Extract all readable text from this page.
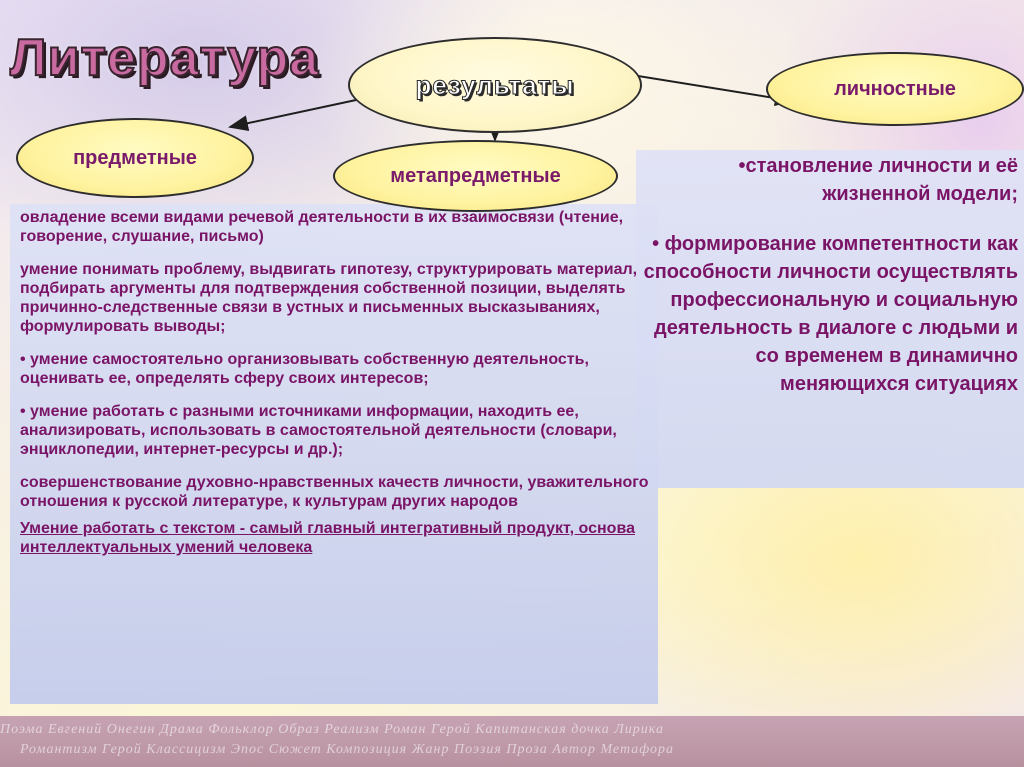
Поэма Евгений Онегин Драма Фольклор Образ Реализм Роман Герой Капитанская дочка Лирика
Романтизм Герой Классицизм Эпос Сюжет Композиция Жанр Поэзия Проза Автор Метафора
Литература	результаты	личностные
предметные
метапредметные

овладение всеми видами речевой деятельности в их взаимосвязи (чтение, говорение, слушание, письмо)

умение понимать проблему, выдвигать гипотезу, структурировать материал, подбирать аргументы для подтверждения собственной позиции, выделять причинно-следственные связи в устных и письменных высказываниях, формулировать выводы;

• умение самостоятельно организовывать собственную деятельность, оценивать ее, определять сферу своих интересов;

• умение работать с разными источниками информации, находить ее, анализировать, использовать в самостоятельной деятельности (словари, энциклопедии, интернет-ресурсы и др.);

совершенствование духовно-нравственных качеств личности, уважительного отношения к русской литературе, к культурам других народов

Умение работать с текстом - самый главный интегративный продукт, основа интеллектуальных умений человека

•становление личности и её жизненной модели;

• формирование компетентности как способности личности осуществлять профессиональную и социальную деятельность в диалоге с людьми и со временем в динамично меняющихся ситуациях
